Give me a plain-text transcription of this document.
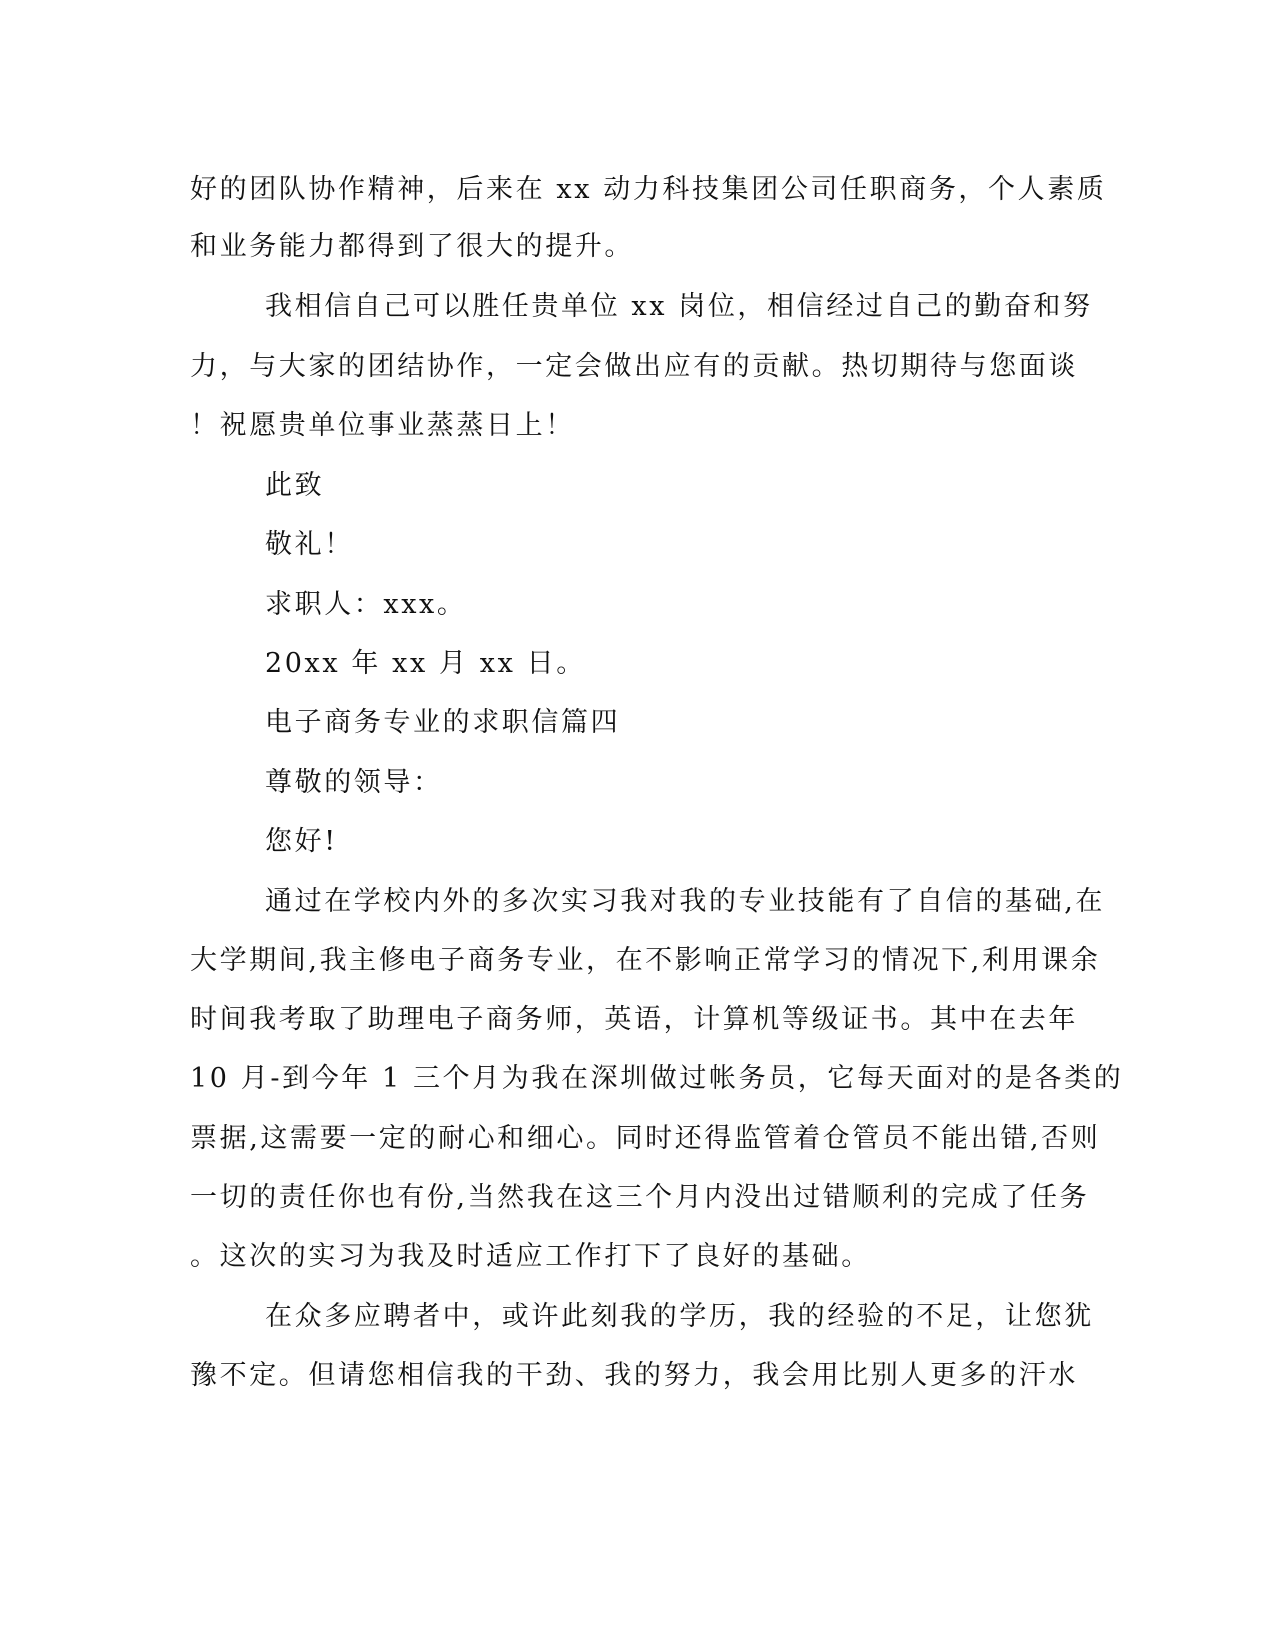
好的团队协作精神，后来在 xx 动力科技集团公司任职商务，个人素质
和业务能力都得到了很大的提升。
我相信自己可以胜任贵单位 xx 岗位，相信经过自己的勤奋和努
力，与大家的团结协作，一定会做出应有的贡献。热切期待与您面谈
！祝愿贵单位事业蒸蒸日上！
此致
敬礼！
求职人：xxx。
20xx 年 xx 月 xx 日。
电子商务专业的求职信篇四
尊敬的领导：
您好!
通过在学校内外的多次实习我对我的专业技能有了自信的基础,在
大学期间,我主修电子商务专业，在不影响正常学习的情况下,利用课余
时间我考取了助理电子商务师，英语，计算机等级证书。其中在去年
10 月-到今年 1 三个月为我在深圳做过帐务员，它每天面对的是各类的
票据,这需要一定的耐心和细心。同时还得监管着仓管员不能出错,否则
一切的责任你也有份,当然我在这三个月内没出过错顺利的完成了任务
。这次的实习为我及时适应工作打下了良好的基础。
在众多应聘者中，或许此刻我的学历，我的经验的不足，让您犹
豫不定。但请您相信我的干劲、我的努力，我会用比别人更多的汗水
